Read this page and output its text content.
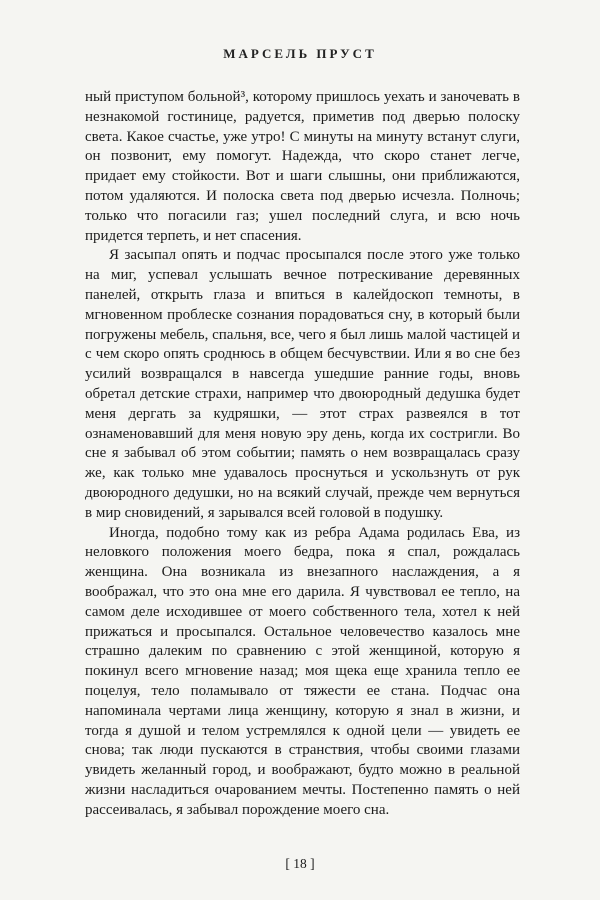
МАРСЕЛЬ ПРУСТ

ный приступом больной³, которому пришлось уехать и заночевать в незнакомой гостинице, радуется, приметив под дверью полоску света. Какое счастье, уже утро! С минуты на минуту встанут слуги, он позвонит, ему помогут. Надежда, что скоро станет легче, придает ему стойкости. Вот и шаги слышны, они приближаются, потом удаляются. И полоска света под дверью исчезла. Полночь; только что погасили газ; ушел последний слуга, и всю ночь придется терпеть, и нет спасения.

Я засыпал опять и подчас просыпался после этого уже только на миг, успевал услышать вечное потрескивание деревянных панелей, открыть глаза и впиться в калейдоскоп темноты, в мгновенном проблеске сознания порадоваться сну, в который были погружены мебель, спальня, все, чего я был лишь малой частицей и с чем скоро опять сроднюсь в общем бесчувствии. Или я во сне без усилий возвращался в навсегда ушедшие ранние годы, вновь обретал детские страхи, например что двоюродный дедушка будет меня дергать за кудряшки, — этот страх развеялся в тот ознаменовавший для меня новую эру день, когда их состригли. Во сне я забывал об этом событии; память о нем возвращалась сразу же, как только мне удавалось проснуться и ускользнуть от рук двоюродного дедушки, но на всякий случай, прежде чем вернуться в мир сновидений, я зарывался всей головой в подушку.

Иногда, подобно тому как из ребра Адама родилась Ева, из неловкого положения моего бедра, пока я спал, рождалась женщина. Она возникала из внезапного наслаждения, а я воображал, что это она мне его дарила. Я чувствовал ее тепло, на самом деле исходившее от моего собственного тела, хотел к ней прижаться и просыпался. Остальное человечество казалось мне страшно далеким по сравнению с этой женщиной, которую я покинул всего мгновение назад; моя щека еще хранила тепло ее поцелуя, тело поламывало от тяжести ее стана. Подчас она напоминала чертами лица женщину, которую я знал в жизни, и тогда я душой и телом устремлялся к одной цели — увидеть ее снова; так люди пускаются в странствия, чтобы своими глазами увидеть желанный город, и воображают, будто можно в реальной жизни насладиться очарованием мечты. Постепенно память о ней рассеивалась, я забывал порождение моего сна.

[ 18 ]
